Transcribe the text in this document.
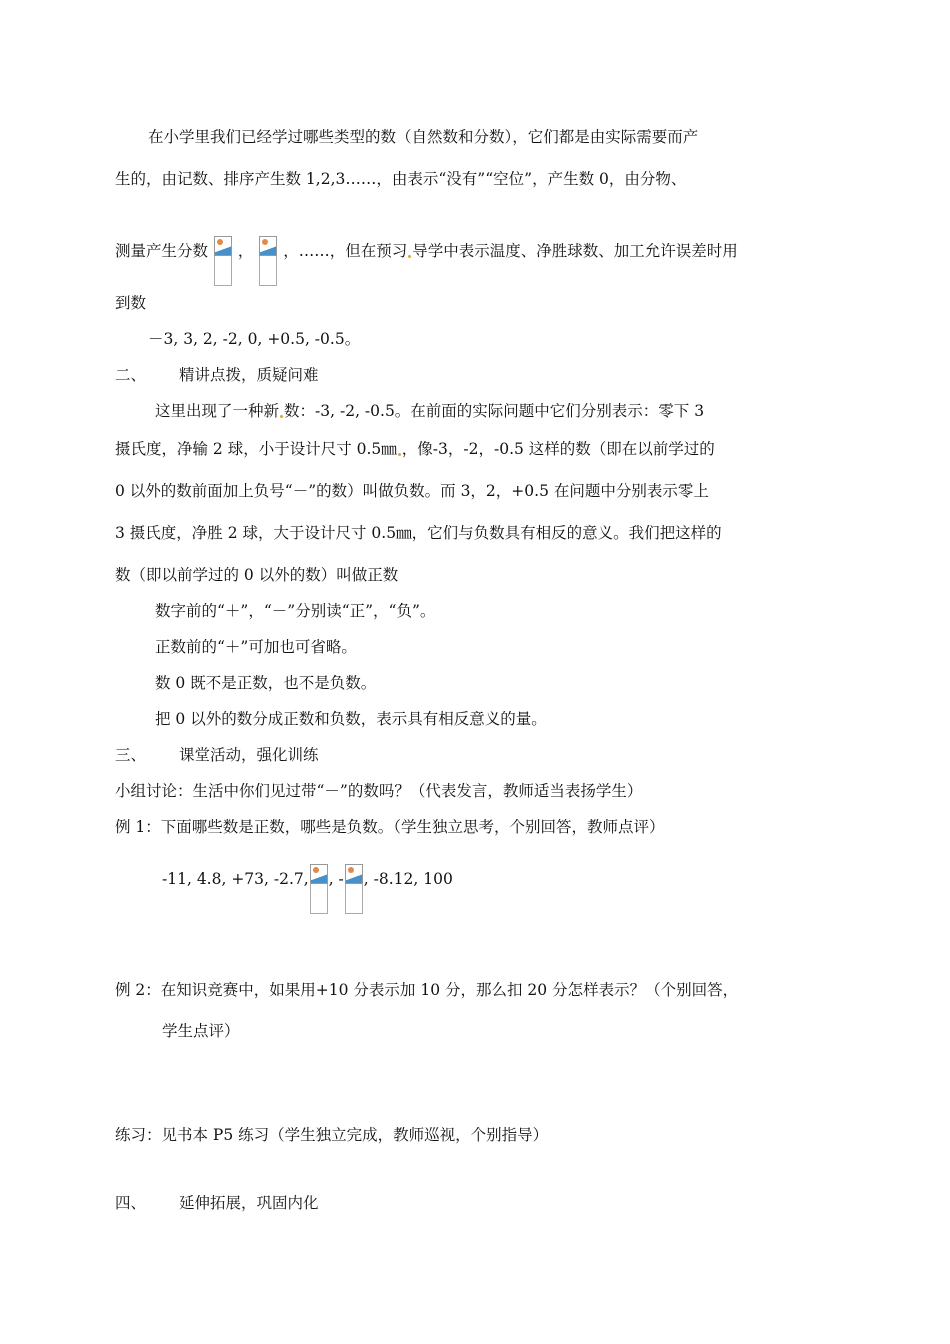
在小学里我们已经学过哪些类型的数（自然数和分数），它们都是由实际需要而产
生的，由记数、排序产生数 1,2,3……，由表示“没有”“空位”，产生数 0，由分物、
测量产生分数 ， ，……，但在预习 导学中表示温度、净胜球数、加工允许误差时用
到数
－3, 3, 2, -2, 0, +0.5, -0.5。
二、 精讲点拨，质疑问难
这里出现了一种新 数：-3, -2, -0.5。在前面的实际问题中它们分别表示：零下 3
摄氏度，净输 2 球，小于设计尺寸 0.5㎜ ，像-3，-2，-0.5 这样的数（即在以前学过的
0 以外的数前面加上负号“－”的数）叫做负数。而 3，2，+0.5 在问题中分别表示零上
3 摄氏度，净胜 2 球，大于设计尺寸 0.5㎜，它们与负数具有相反的意义。我们把这样的
数（即以前学过的 0 以外的数）叫做正数
数字前的“＋”，“－”分别读“正”，“负”。
正数前的“＋”可加也可省略。
数 0 既不是正数，也不是负数。
把 0 以外的数分成正数和负数，表示具有相反意义的量。
三、 课堂活动，强化训练
小组讨论：生活中你们见过带“－”的数吗？（代表发言，教师适当表扬学生）
例 1：下面哪些数是正数，哪些是负数。（学生独立思考，个别回答，教师点评）
-11, 4.8, +73, -2.7, , - , -8.12, 100
例 2：在知识竞赛中，如果用+10 分表示加 10 分，那么扣 20 分怎样表示？（个别回答，
学生点评）
练习：见书本 P5 练习（学生独立完成，教师巡视，个别指导）
四、 延伸拓展，巩固内化
